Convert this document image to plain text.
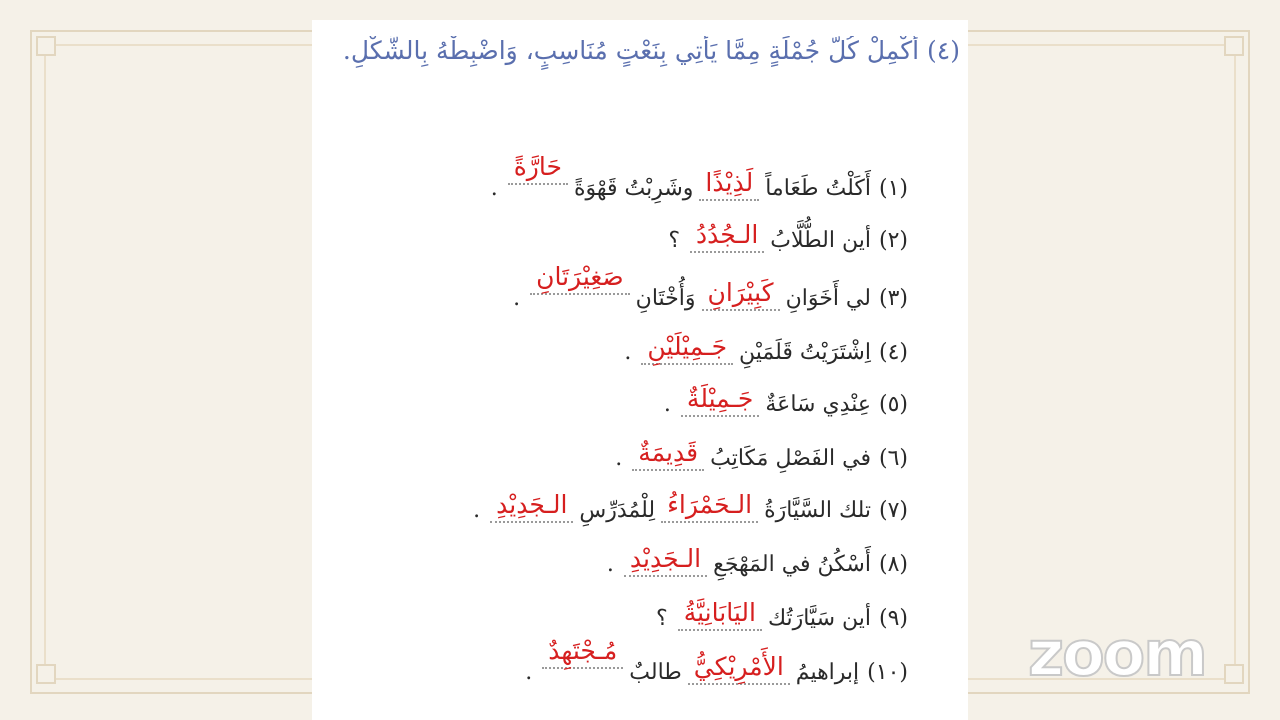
(٤) أَكْمِلْ كُلَّ جُمْلَةٍ مِمَّا يَأْتِي بِنَعْتٍ مُنَاسِبٍ، وَاضْبِطْهُ بِالشَّكْلِ.
(١)أَكَلْتُ طَعَاماًلَذِيْذًاوشَرِبْتُ قَهْوَةًحَارَّةً.
(٢)أين الطُّلَّابُالـجُدُدُ؟
(٣)لي أَخَوَانِكَبِيْرَانِوَأُخْتَانِصَغِيْرَتَانِ.
(٤)اِشْتَرَيْتُ قَلَمَيْنِجَـمِيْلَيْنِ.
(٥)عِنْدِي سَاعَةٌجَـمِيْلَةٌ.
(٦)في الفَصْلِ مَكَاتِبُقَدِيمَةٌ.
(٧)تلك السَّيَّارَةُالـحَمْرَاءُلِلْمُدَرِّسِالـجَدِيْدِ.
(٨)أَسْكُنُ في المَهْجَعِالـجَدِيْدِ.
(٩)أين سَيَّارَتُكاليَابَانِيَّةُ؟
(١٠)إبراهيمُالأَمْرِيْكِيُّطالبٌمُـجْتَهِدٌ.	zoom
